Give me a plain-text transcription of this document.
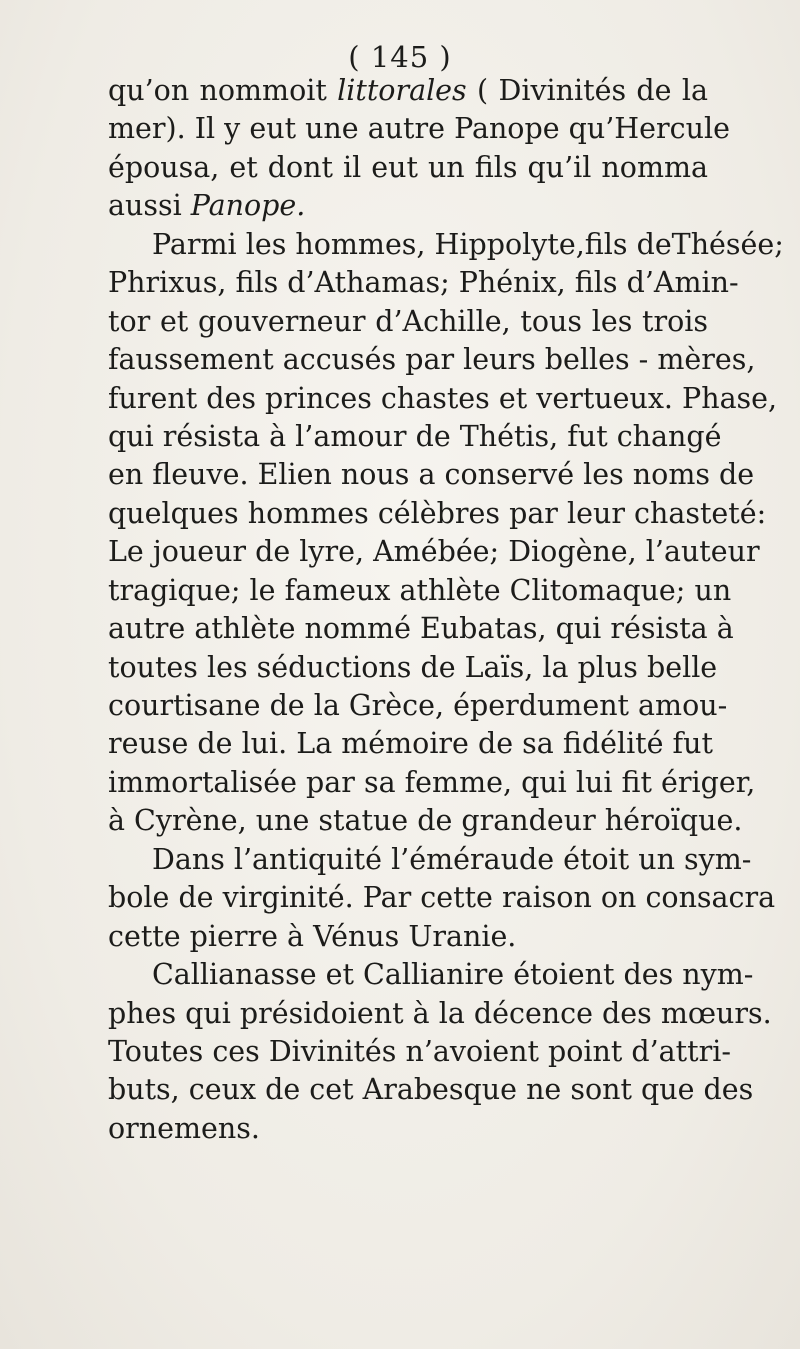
( 145 )
qu’on nommoit littorales ( Divinités de la
mer). Il y eut une autre Panope qu’Hercule
épousa, et dont il eut un fils qu’il nomma
aussi Panope.
Parmi les hommes, Hippolyte,fils deThésée;
Phrixus, fils d’Athamas; Phénix, fils d’Amin-
tor et gouverneur d’Achille, tous les trois
faussement accusés par leurs belles - mères,
furent des princes chastes et vertueux. Phase,
qui résista à l’amour de Thétis, fut changé
en fleuve. Elien nous a conservé les noms de
quelques hommes célèbres par leur chasteté:
Le joueur de lyre, Amébée; Diogène, l’auteur
tragique; le fameux athlète Clitomaque; un
autre athlète nommé Eubatas, qui résista à
toutes les séductions de Laïs, la plus belle
courtisane de la Grèce, éperdument amou-
reuse de lui. La mémoire de sa fidélité fut
immortalisée par sa femme, qui lui fit ériger,
à Cyrène, une statue de grandeur héroïque.
Dans l’antiquité l’éméraude étoit un sym-
bole de virginité. Par cette raison on consacra
cette pierre à Vénus Uranie.
Callianasse et Callianire étoient des nym-
phes qui présidoient à la décence des mœurs.
Toutes ces Divinités n’avoient point d’attri-
buts, ceux de cet Arabesque ne sont que des
ornemens.
